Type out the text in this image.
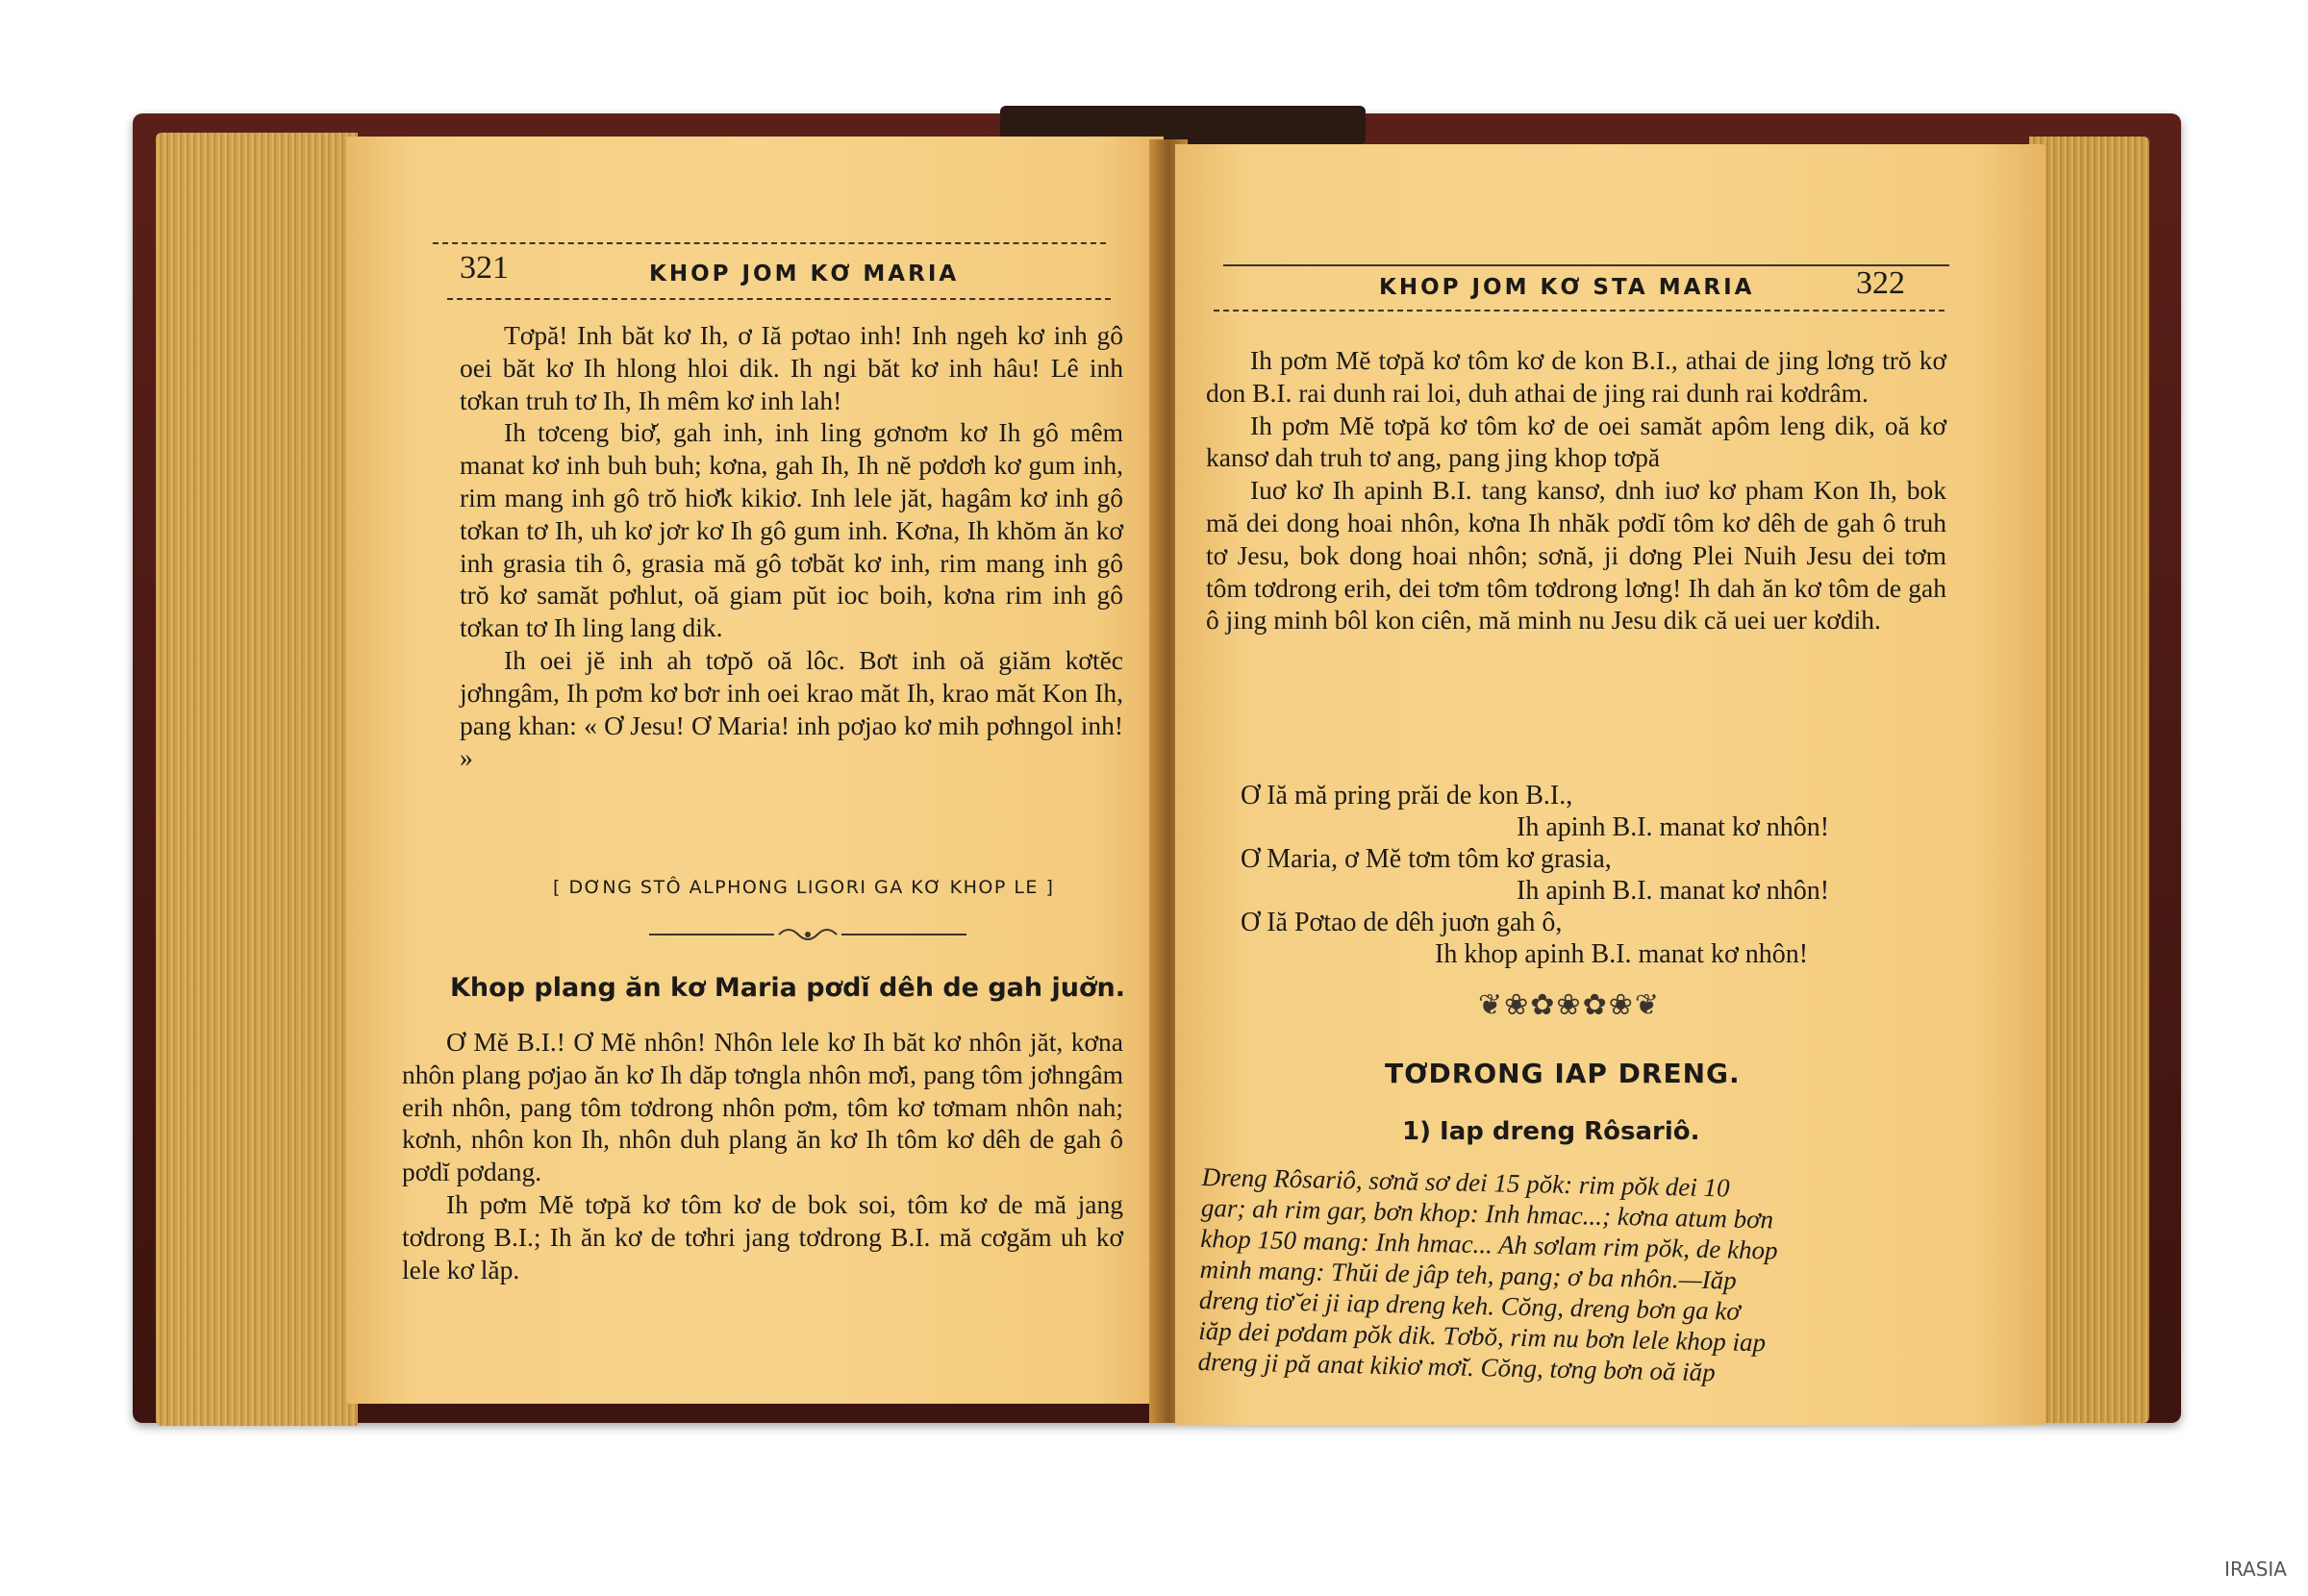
321	KHOP JOM KƠ MARIA

Tơpă! Inh băt kơ Ih, ơ Iă pơtao inh! Inh ngeh kơ inh gô oei băt kơ Ih hlong hloi dik. Ih ngi băt kơ inh hâu! Lê inh tơkan truh tơ Ih, Ih mêm kơ inh lah!

Ih tơceng biơ̆, gah inh, inh ling gơnơm kơ Ih gô mêm manat kơ inh buh buh; kơna, gah Ih, Ih nĕ pơdơh kơ gum inh, rim mang inh gô trŏ hiơ̆k kikiơ. Inh lele jăt, hagâm kơ inh gô tơkan tơ Ih, uh kơ jơr kơ Ih gô gum inh. Kơna, Ih khŏm ăn kơ inh grasia tih ô, grasia mă gô tơbăt kơ inh, rim mang inh gô trŏ kơ samăt pơhlut, oă giam pŭt ioc boih, kơna rim inh gô tơkan tơ Ih ling lang dik.

Ih oei jĕ inh ah tơpŏ oă lôc. Bơt inh oă giăm kơtĕc jơhngâm, Ih pơm kơ bơr inh oei krao măt Ih, krao măt Kon Ih, pang khan: « Ơ Jesu! Ơ Maria! inh pơjao kơ mih pơhngol inh! »

[ DƠNG STÔ ALPHONG LIGORI GA KƠ KHOP LE ]
Khop plang ăn kơ Maria pơdĭ dêh de gah juơ̆n.

Ơ Mĕ B.I.! Ơ Mĕ nhôn! Nhôn lele kơ Ih băt kơ nhôn jăt, kơna nhôn plang pơjao ăn kơ Ih dăp tơngla nhôn mơ̆i, pang tôm jơhngâm erih nhôn, pang tôm tơdrong nhôn pơm, tôm kơ tơmam nhôn nah; kơnh, nhôn kon Ih, nhôn duh plang ăn kơ Ih tôm kơ dêh de gah ô pơdĭ pơdang.

Ih pơm Mĕ tơpă kơ tôm kơ de bok soi, tôm kơ de mă jang tơdrong B.I.; Ih ăn kơ de tơhri jang tơdrong B.I. mă cơgăm uh kơ lele kơ lăp.

KHOP JOM KƠ STA MARIA	322

Ih pơm Mĕ tơpă kơ tôm kơ de kon B.I., athai de jing lơng trŏ kơ don B.I. rai dunh rai loi, duh athai de jing rai dunh rai kơdrâm.

Ih pơm Mĕ tơpă kơ tôm kơ de oei samăt apôm leng dik, oă kơ kansơ dah truh tơ ang, pang jing khop tơpă

Iuơ kơ Ih apinh B.I. tang kansơ, dnh iuơ kơ pham Kon Ih, bok mă dei dong hoai nhôn, kơna Ih nhăk pơdĭ tôm kơ dêh de gah ô truh tơ Jesu, bok dong hoai nhôn; sơnă, ji dơng Plei Nuih Jesu dei tơm tôm tơdrong erih, dei tơm tôm tơdrong lơng! Ih dah ăn kơ tôm de gah ô jing minh bôl kon ciên, mă minh nu Jesu dik că uei uer kơdih.

Ơ Iă mă pring prăi de kon B.I.,
Ih apinh B.I. manat kơ nhôn!
Ơ Maria, ơ Mĕ tơm tôm kơ grasia,
Ih apinh B.I. manat kơ nhôn!
Ơ Iă Pơtao de dêh juơn gah ô,
Ih khop apinh B.I. manat kơ nhôn!
❦❀✿❀✿❀❦
TƠDRONG IAP DRENG.
1) Iap dreng Rôsariô.

Dreng Rôsariô, sơnă sơ dei 15 pŏk: rim pŏk dei 10

gar; ah rim gar, bơn khop: Inh hmac...; kơna atum bơn

khop 150 mang: Inh hmac... Ah sơlam rim pŏk, de khop

minh mang: Thŭi de jâp teh, pang; ơ ba nhôn.—Iăp

dreng tiơ̆ ei ji iap dreng keh. Cŏng, dreng bơn ga kơ

iăp dei pơdam pŏk dik. Tơbŏ, rim nu bơn lele khop iap

dreng ji pă anat kikiơ mơ̆i. Cŏng, tơng bơn oă iăp

IRASIA
